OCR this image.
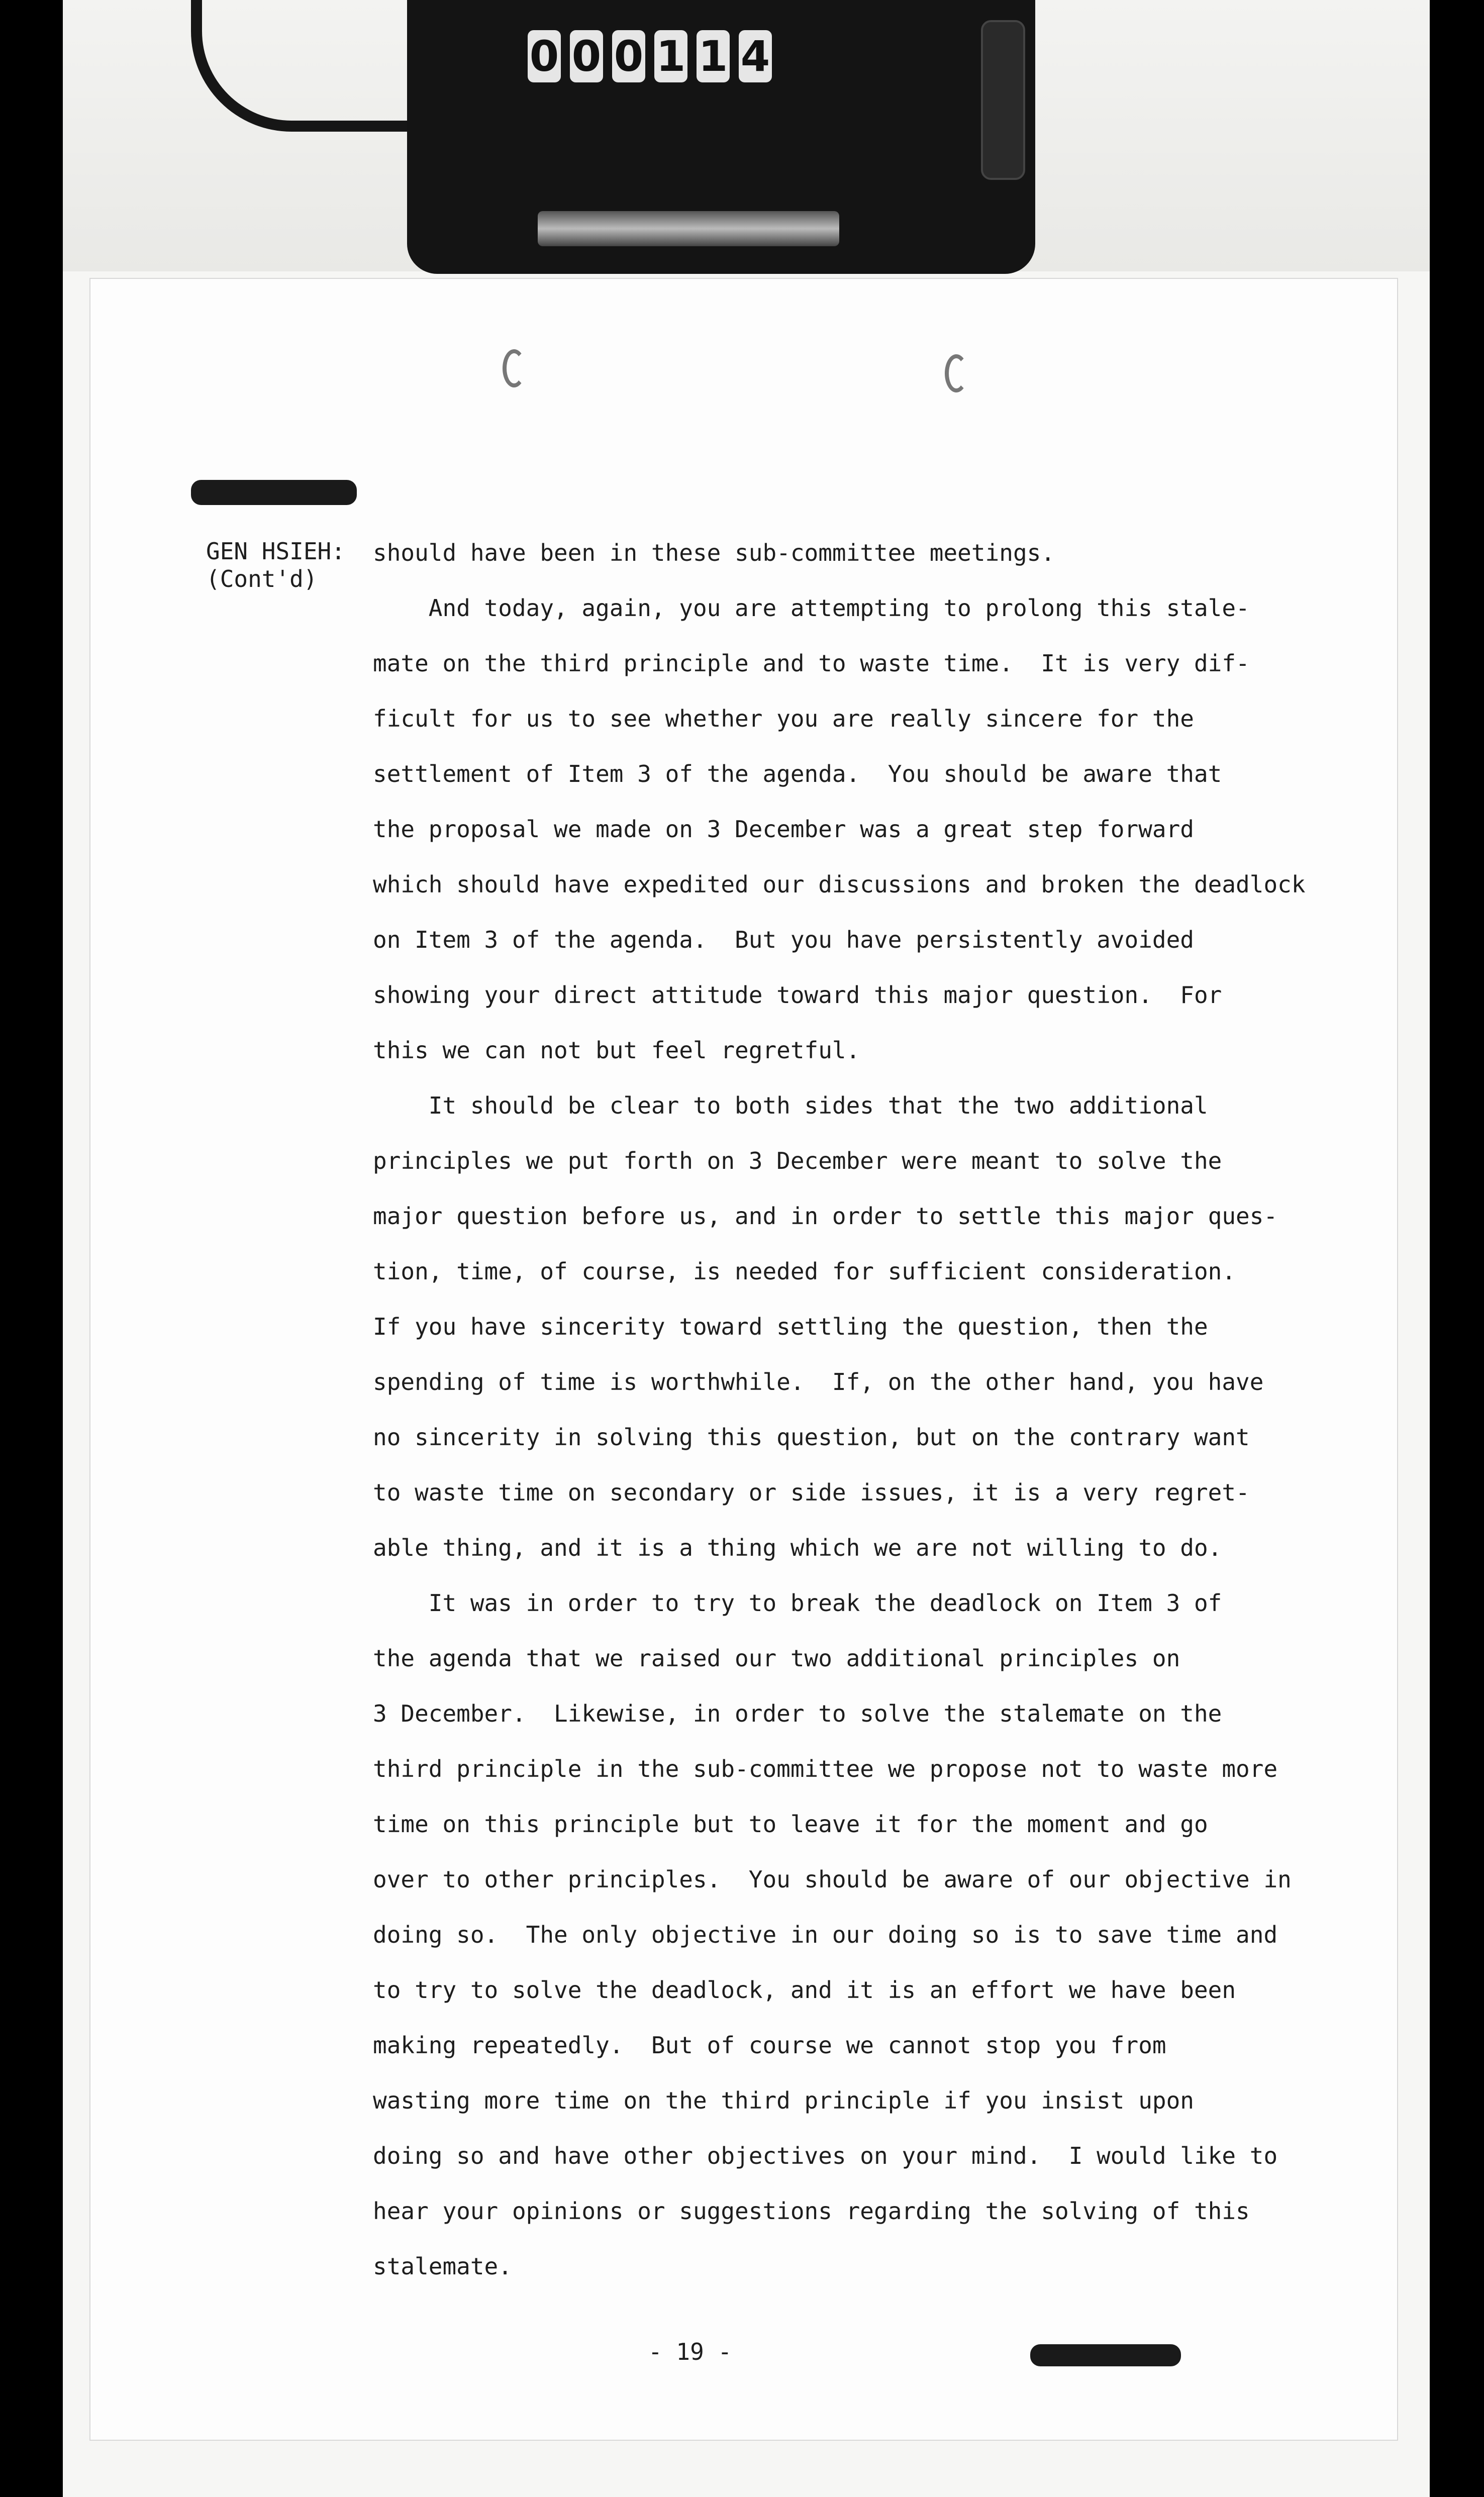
0 0 0 1 1 4
GEN HSIEH:
(Cont'd)
should have been in these sub-committee meetings.
And today, again, you are attempting to prolong this stale-
mate on the third principle and to waste time.  It is very dif-
ficult for us to see whether you are really sincere for the
settlement of Item 3 of the agenda.  You should be aware that
the proposal we made on 3 December was a great step forward
which should have expedited our discussions and broken the deadlock
on Item 3 of the agenda.  But you have persistently avoided
showing your direct attitude toward this major question.  For
this we can not but feel regretful.
It should be clear to both sides that the two additional
principles we put forth on 3 December were meant to solve the
major question before us, and in order to settle this major ques-
tion, time, of course, is needed for sufficient consideration.
If you have sincerity toward settling the question, then the
spending of time is worthwhile.  If, on the other hand, you have
no sincerity in solving this question, but on the contrary want
to waste time on secondary or side issues, it is a very regret-
able thing, and it is a thing which we are not willing to do.
It was in order to try to break the deadlock on Item 3 of
the agenda that we raised our two additional principles on
3 December.  Likewise, in order to solve the stalemate on the
third principle in the sub-committee we propose not to waste more
time on this principle but to leave it for the moment and go
over to other principles.  You should be aware of our objective in
doing so.  The only objective in our doing so is to save time and
to try to solve the deadlock, and it is an effort we have been
making repeatedly.  But of course we cannot stop you from
wasting more time on the third principle if you insist upon
doing so and have other objectives on your mind.  I would like to
hear your opinions or suggestions regarding the solving of this
stalemate.
- 19 -
